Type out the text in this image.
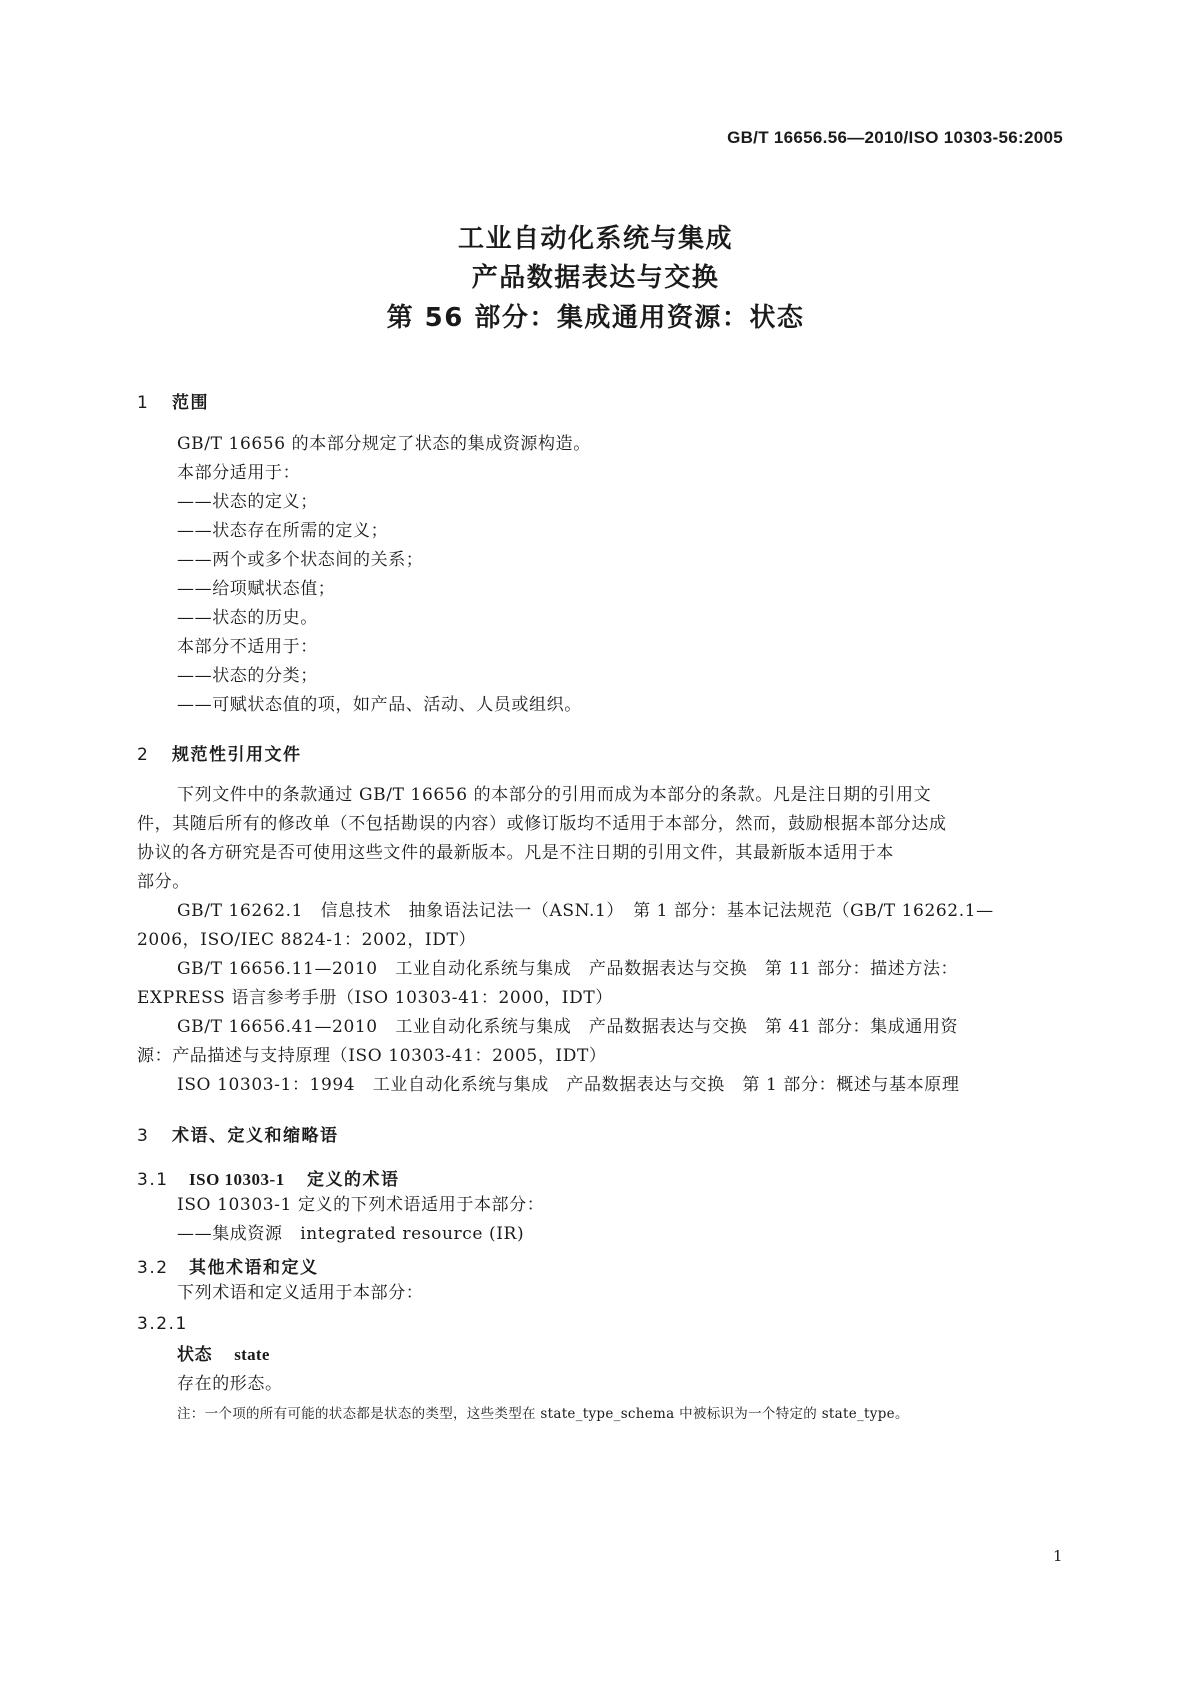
GB/T 16656.56—2010/ISO 10303-56:2005
工业自动化系统与集成
产品数据表达与交换
第 56 部分：集成通用资源：状态
1 范围
GB/T 16656 的本部分规定了状态的集成资源构造。
本部分适用于：
——状态的定义；
——状态存在所需的定义；
——两个或多个状态间的关系；
——给项赋状态值；
——状态的历史。
本部分不适用于：
——状态的分类；
——可赋状态值的项，如产品、活动、人员或组织。
2 规范性引用文件
下列文件中的条款通过 GB/T 16656 的本部分的引用而成为本部分的条款。凡是注日期的引用文
件，其随后所有的修改单（不包括勘误的内容）或修订版均不适用于本部分，然而，鼓励根据本部分达成
协议的各方研究是否可使用这些文件的最新版本。凡是不注日期的引用文件，其最新版本适用于本
部分。
GB/T 16262.1　信息技术　抽象语法记法一（ASN.1）　第 1 部分：基本记法规范（GB/T 16262.1—
2006，ISO/IEC 8824-1：2002，IDT）
GB/T 16656.11—2010　工业自动化系统与集成　产品数据表达与交换　第 11 部分：描述方法：
EXPRESS 语言参考手册（ISO 10303-41：2000，IDT）
GB/T 16656.41—2010　工业自动化系统与集成　产品数据表达与交换　第 41 部分：集成通用资
源：产品描述与支持原理（ISO 10303-41：2005，IDT）
ISO 10303-1：1994　工业自动化系统与集成　产品数据表达与交换　第 1 部分：概述与基本原理
3 术语、定义和缩略语
3.1 ISO 10303-1 定义的术语
ISO 10303-1 定义的下列术语适用于本部分：
——集成资源　integrated resource (IR)
3.2 其他术语和定义
下列术语和定义适用于本部分：
3.2.1
状态 state
存在的形态。
注：一个项的所有可能的状态都是状态的类型，这些类型在 state_type_schema 中被标识为一个特定的 state_type。
1
